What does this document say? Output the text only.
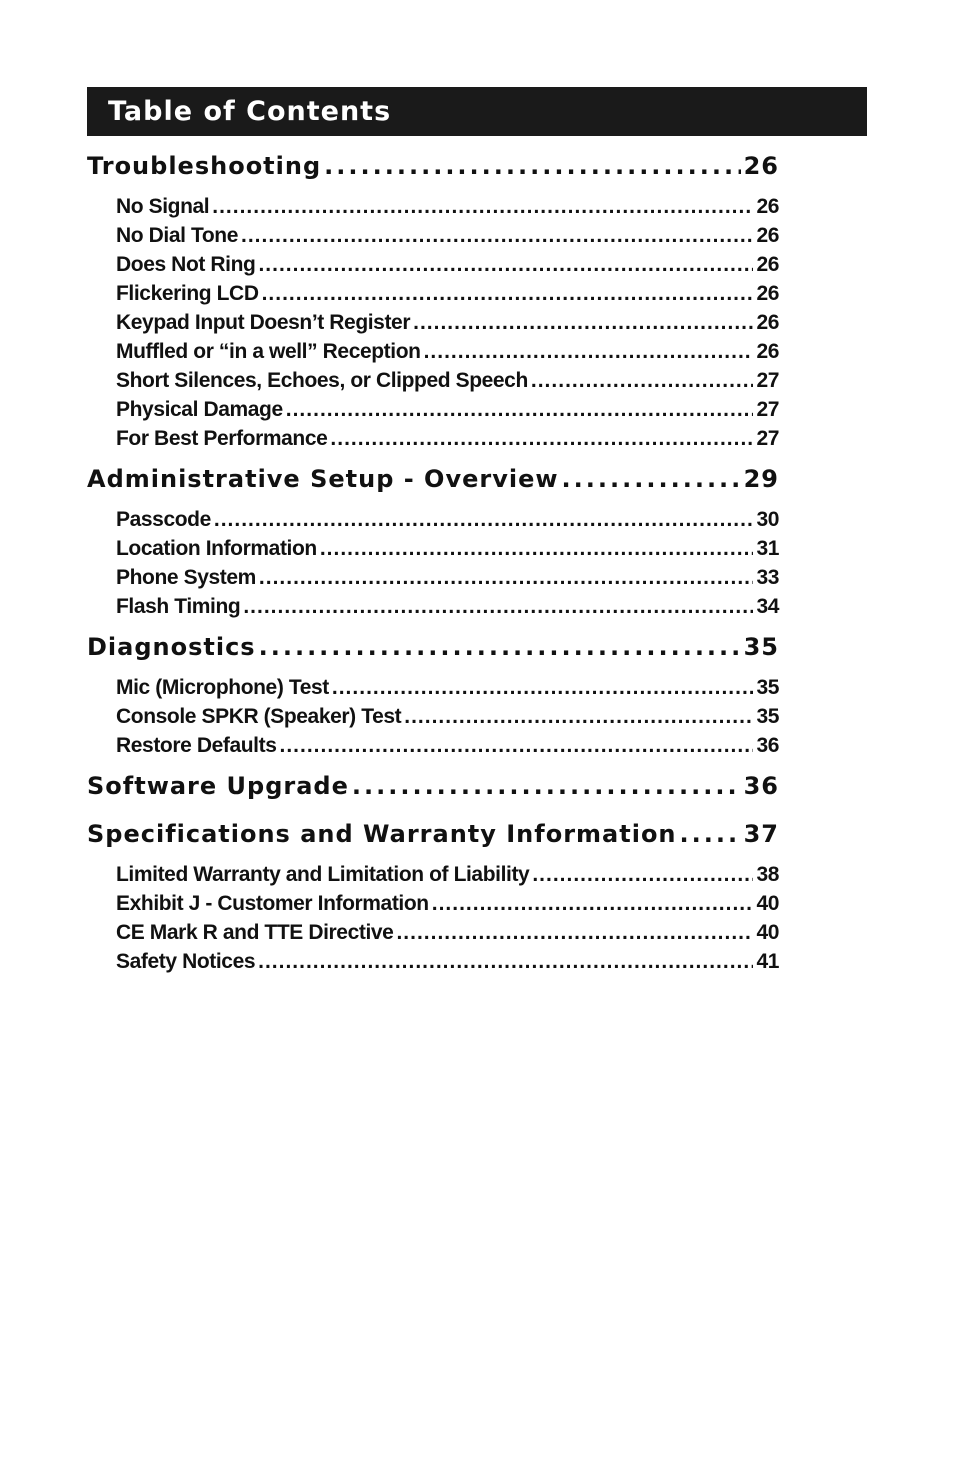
Table of Contents
Troubleshooting .....	26
No Signal .....	26
No Dial Tone .....	26
Does Not Ring .....	26
Flickering LCD .....	26
Keypad Input Doesn’t Register .....	26
Muffled or “in a well” Reception .....	26
Short Silences, Echoes, or Clipped Speech .....	27
Physical Damage .....	27
For Best Performance .....	27
Administrative Setup - Overview .....	29
Passcode .....	30
Location Information .....	31
Phone System .....	33
Flash Timing .....	34
Diagnostics .....	35
Mic (Microphone) Test .....	35
Console SPKR (Speaker) Test .....	35
Restore Defaults .....	36
Software Upgrade .....	36
Specifications and Warranty Information .....	37
Limited Warranty and Limitation of Liability .....	38
Exhibit J - Customer Information .....	40
CE Mark R and TTE Directive .....	40
Safety Notices .....	41
